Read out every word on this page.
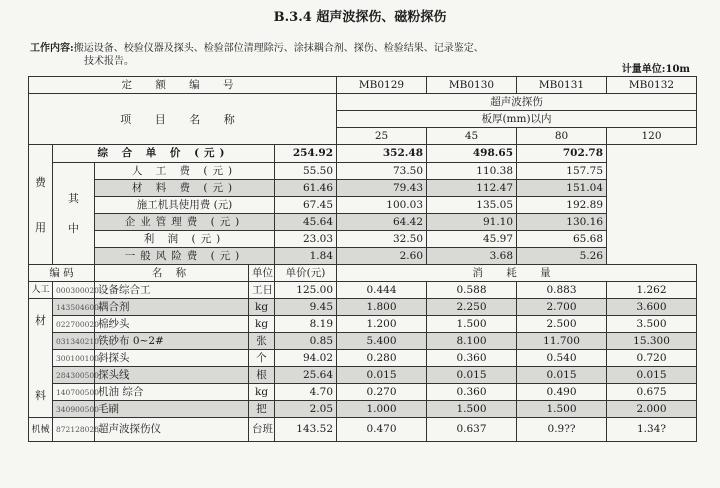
B.3.4 超声波探伤、磁粉探伤
工作内容:搬运设备、校验仪器及探头、检验部位清理除污、涂抹耦合剂、探伤、检验结果、记录鉴定、
技术报告。
计量单位:10m
定 额 编 号					MB0129	MB0130	MB0131	MB0132
项 目 名 称					超声波探伤			
					板厚(mm)以内			
					25	45	80	120
费

用	综 合 单 价 (元)			254.92	352.48	498.65	702.78	
	其

中	人 工 费 (元)		55.50	73.50	110.38	157.75	
		材 料 费 (元)		61.46	79.43	112.47	151.04	
		施工机具使用费 (元)		67.45	100.03	135.05	192.89	
		企业管理费 (元)		45.64	64.42	91.10	130.16	
		利 润 (元)		23.03	32.50	45.97	65.68	
		一般风险费 (元)		1.84	2.60	3.68	5.26	
编 码		名 称	单位	单价(元)	消 耗 量			
人工	000300020	设备综合工	工日	125.00	0.444	0.588	0.883	1.262
材

料	143504600	耦合剂	kg	9.45	1.800	2.250	2.700	3.600
	022700020	棉纱头	kg	8.19	1.200	1.500	2.500	3.500
	031340210	铁砂布 0~2#	张	0.85	5.400	8.100	11.700	15.300
	300100100	斜探头	个	94.02	0.280	0.360	0.540	0.720
	284300500	探头线	根	25.64	0.015	0.015	0.015	0.015
	140700500	机油 综合	kg	4.70	0.270	0.360	0.490	0.675
	340900500	毛刷	把	2.05	1.000	1.500	1.500	2.000
机械	872128028	超声波探伤仪	台班	143.52	0.470	0.637	0.9??	1.34?
